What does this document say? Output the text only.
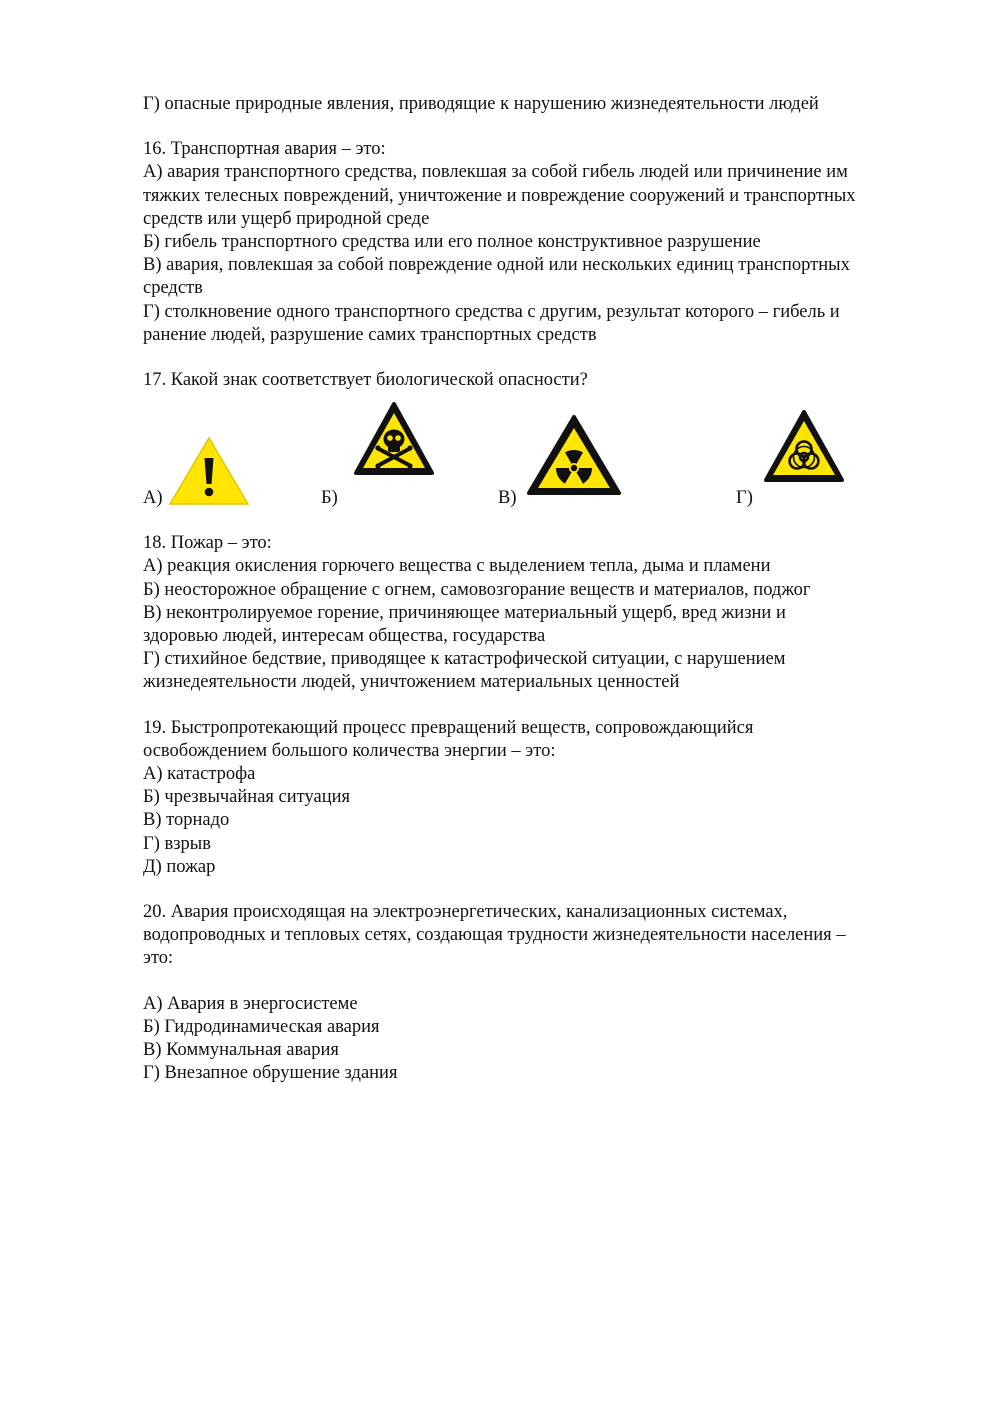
Г) опасные природные явления, приводящие к нарушению жизнедеятельности людей
16. Транспортная авария – это:
А) авария транспортного средства, повлекшая за собой гибель людей или причинение им
тяжких телесных повреждений, уничтожение и повреждение сооружений и транспортных
средств или ущерб природной среде
Б) гибель транспортного средства или его полное конструктивное разрушение
В) авария, повлекшая за собой повреждение одной или нескольких единиц транспортных
средств
Г) столкновение одного транспортного средства с другим, результат которого – гибель и
ранение людей, разрушение самих транспортных средств
17. Какой знак соответствует биологической опасности?
А)	Б)	В)	Г)
18. Пожар – это:
А) реакция окисления горючего вещества с выделением тепла, дыма и пламени
Б) неосторожное обращение с огнем, самовозгорание веществ и материалов, поджог
В) неконтролируемое горение, причиняющее материальный ущерб, вред жизни и
здоровью людей, интересам общества, государства
Г) стихийное бедствие, приводящее к катастрофической ситуации, с нарушением
жизнедеятельности людей, уничтожением материальных ценностей
19. Быстропротекающий процесс превращений веществ, сопровождающийся
освобождением большого количества энергии – это:
А) катастрофа
Б) чрезвычайная ситуация
В) торнадо
Г) взрыв
Д) пожар
20. Авария происходящая на электроэнергетических, канализационных системах,
водопроводных и тепловых сетях, создающая трудности жизнедеятельности населения –
это:
А) Авария в энергосистеме
Б) Гидродинамическая авария
В) Коммунальная авария
Г) Внезапное обрушение здания
